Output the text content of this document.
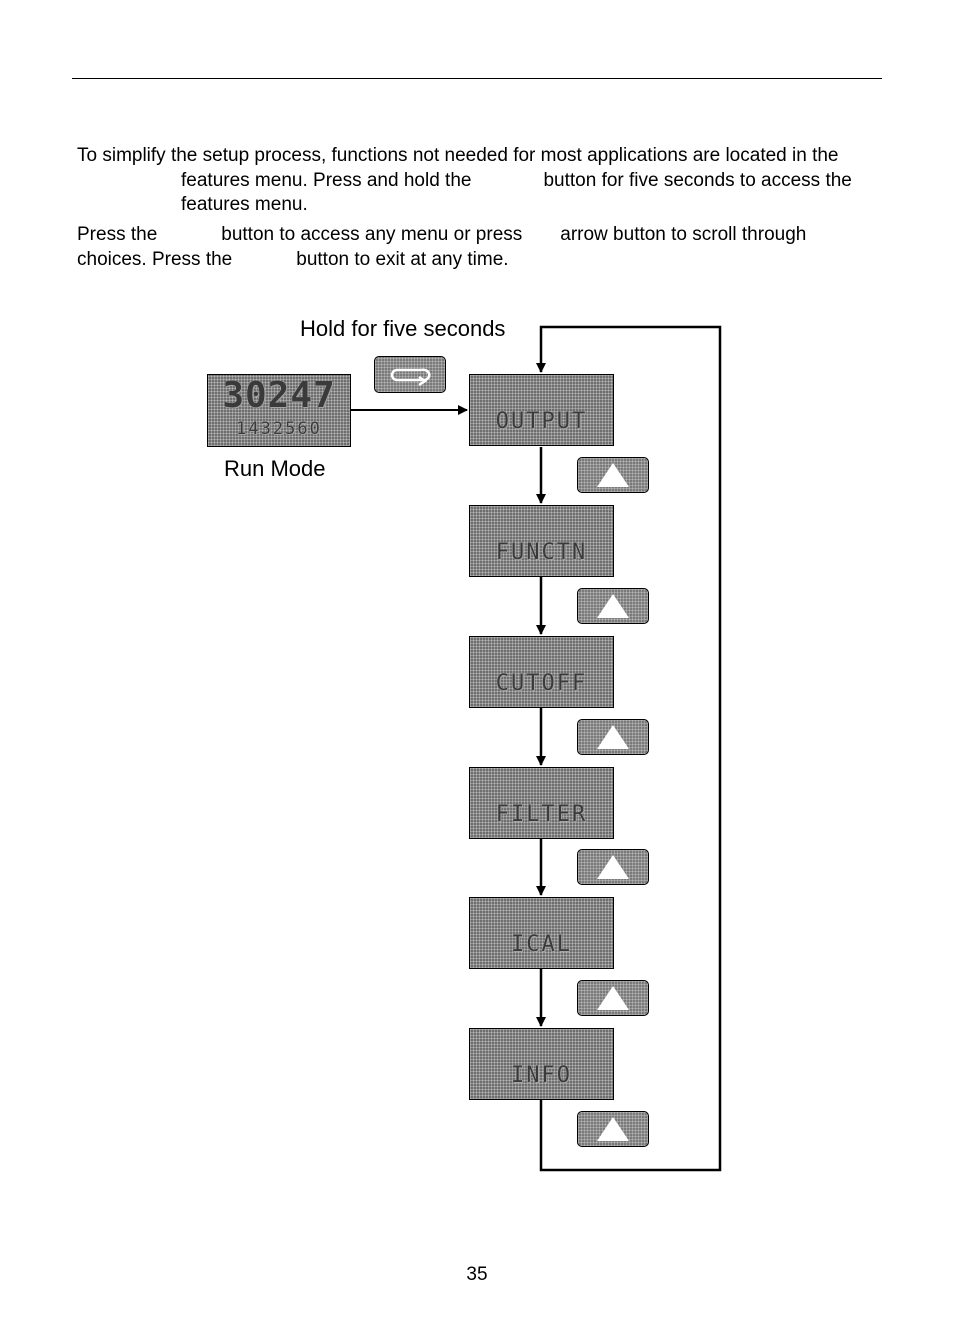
To simplify the setup process, functions not needed for most applications are located in thefeatures menu. Press and hold the	button for five seconds to access thefeatures menu.

Press the	button to access any menu or press arrow button to scroll through choices. Press the	button to exit at any time.

Hold for five seconds
Run Mode
30247
1432560	OUTPUT
FUNCTN
CUTOFF
FILTER
ICAL
INFO
35
